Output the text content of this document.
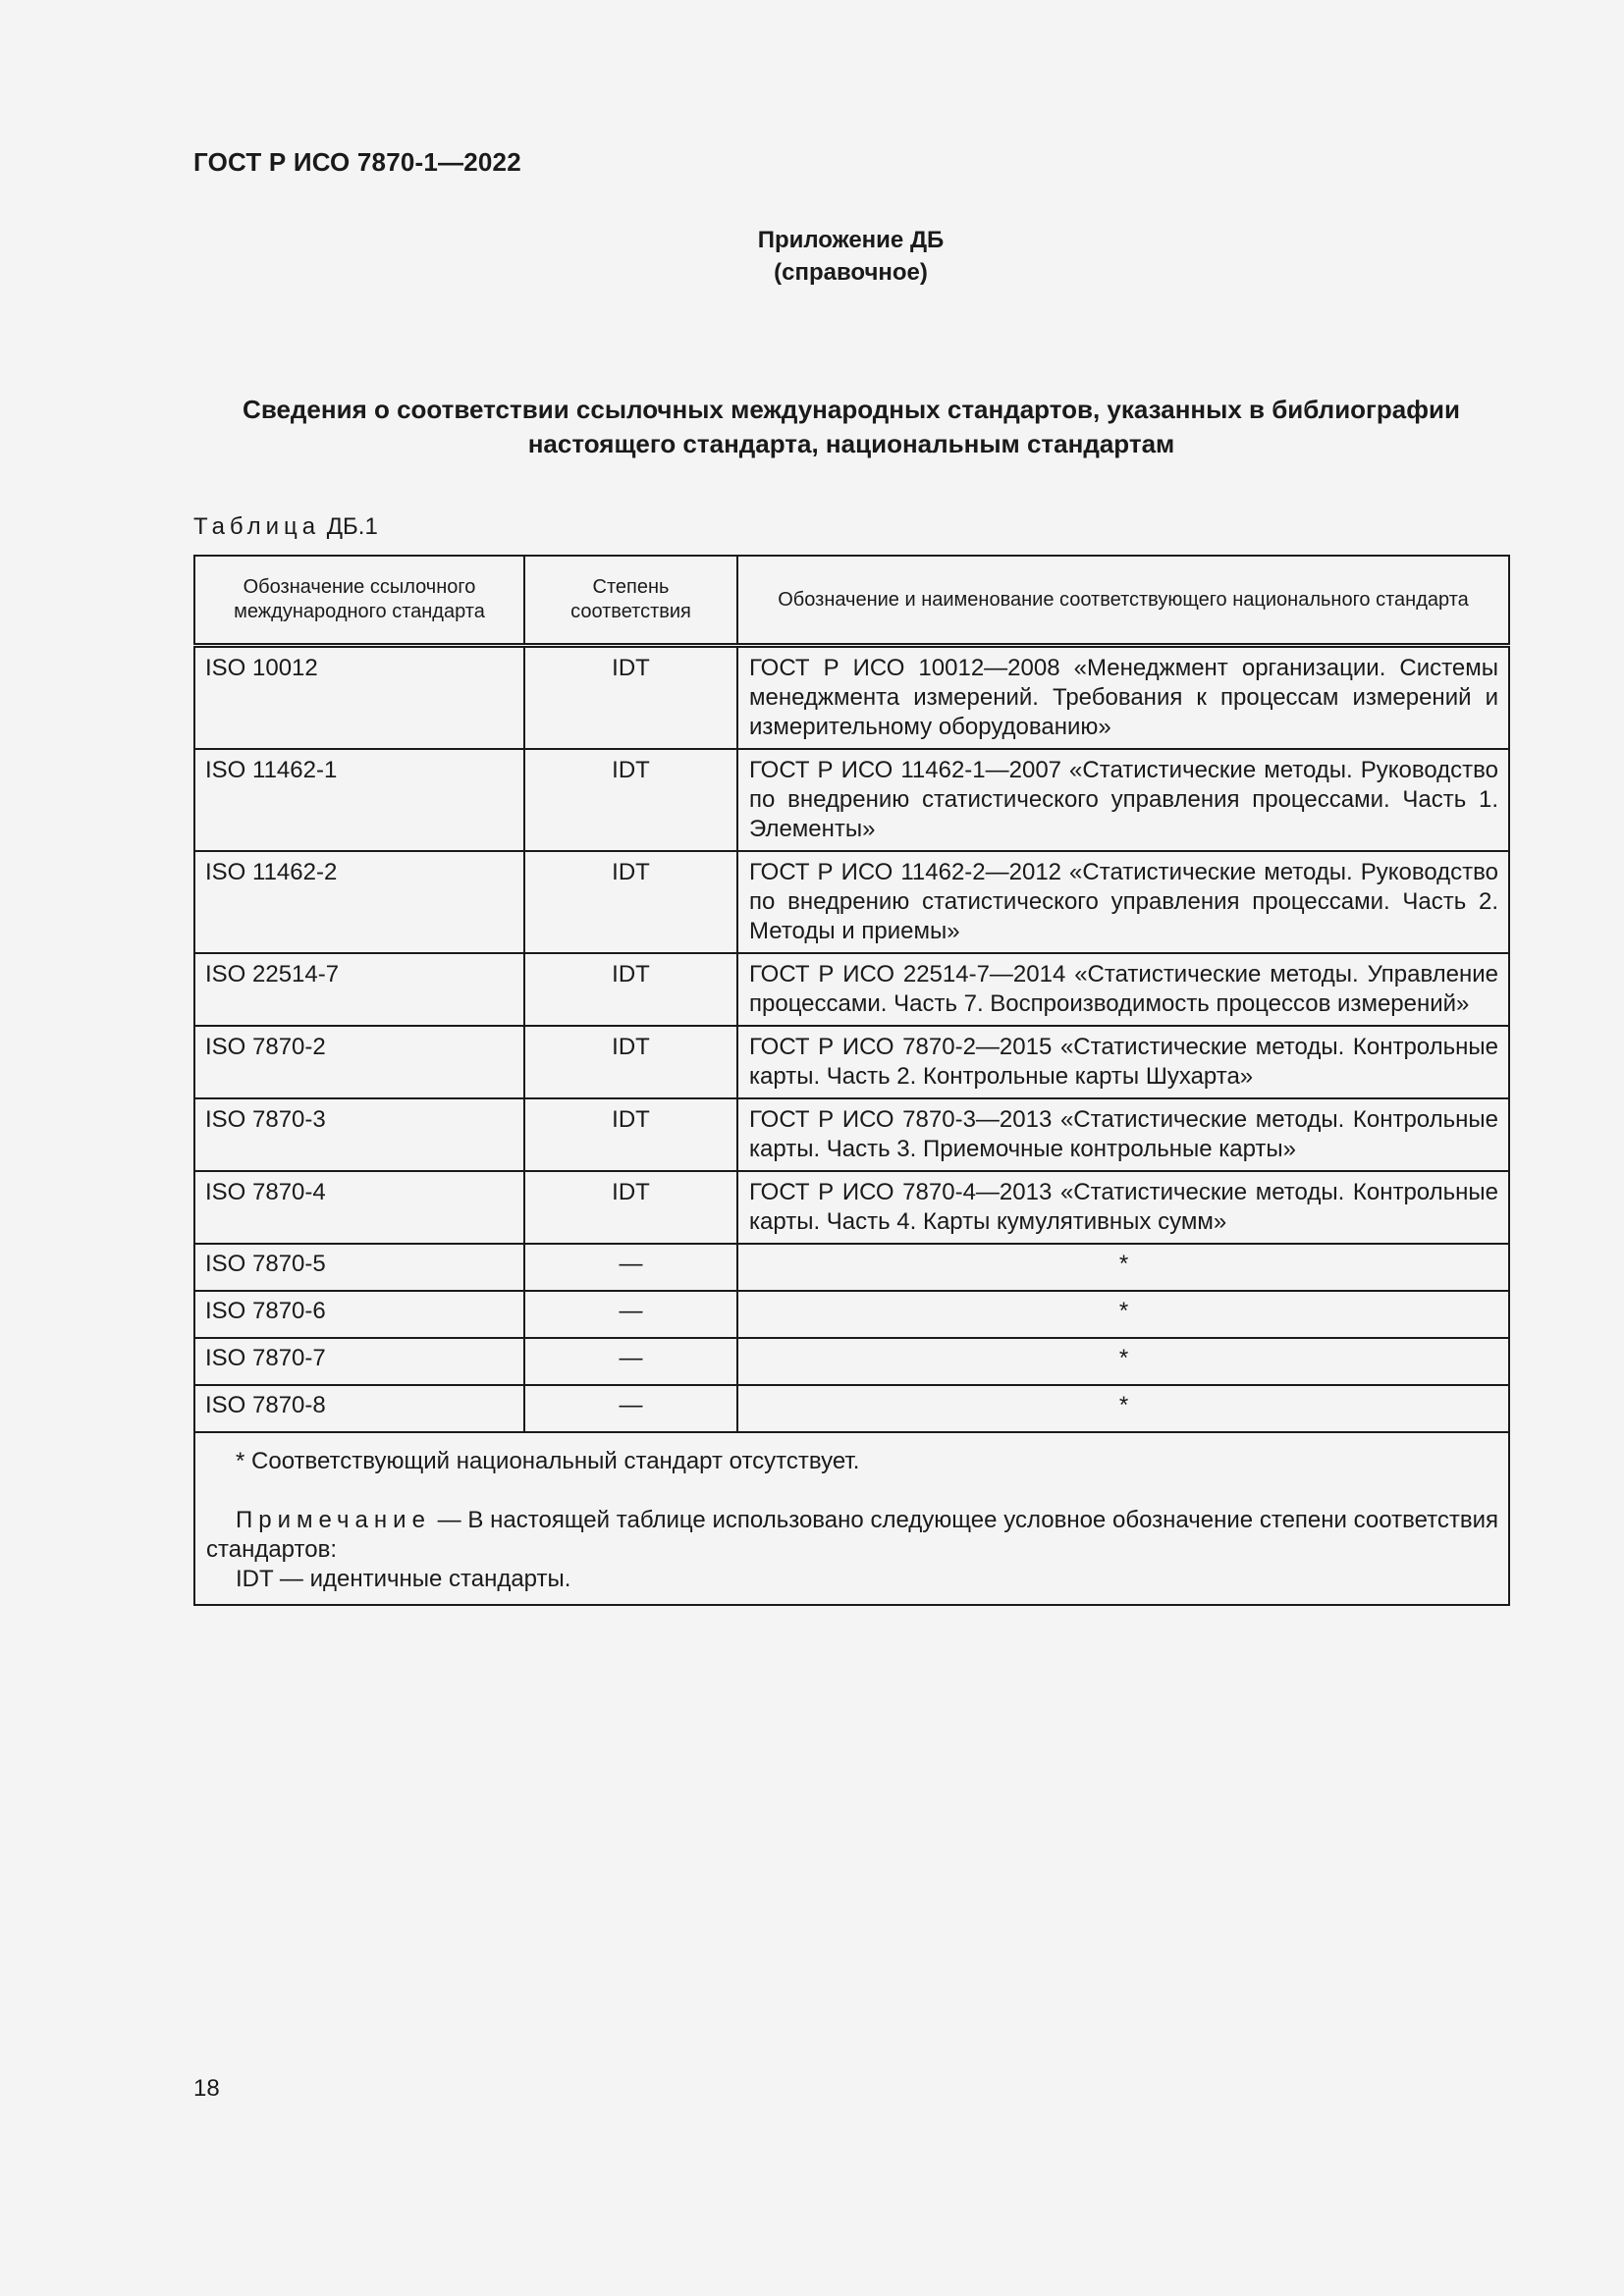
ГОСТ Р ИСО 7870-1—2022
Приложение ДБ
(справочное)
Сведения о соответствии ссылочных международных стандартов, указанных в библиографии
настоящего стандарта, национальным стандартам
Таблица ДБ.1
Обозначение ссылочного международного стандарта	Степень соответствия	Обозначение и наименование соответствующего национального стандарта
ISO 10012	IDT	ГОСТ Р ИСО 10012—2008 «Менеджмент организации. Системы менеджмента измерений. Требования к процессам измерений и измерительному оборудованию»
ISO 11462-1	IDT	ГОСТ Р ИСО 11462-1—2007 «Статистические методы. Руководство по внедрению статистического управления процессами. Часть 1. Элементы»
ISO 11462-2	IDT	ГОСТ Р ИСО 11462-2—2012 «Статистические методы. Руководство по внедрению статистического управления процессами. Часть 2. Методы и приемы»
ISO 22514-7	IDT	ГОСТ Р ИСО 22514-7—2014 «Статистические методы. Управление процессами. Часть 7. Воспроизводимость процессов измерений»
ISO 7870-2	IDT	ГОСТ Р ИСО 7870-2—2015 «Статистические методы. Контрольные карты. Часть 2. Контрольные карты Шухарта»
ISO 7870-3	IDT	ГОСТ Р ИСО 7870-3—2013 «Статистические методы. Контрольные карты. Часть 3. Приемочные контрольные карты»
ISO 7870-4	IDT	ГОСТ Р ИСО 7870-4—2013 «Статистические методы. Контрольные карты. Часть 4. Карты кумулятивных сумм»
ISO 7870-5	—	*
ISO 7870-6	—	*
ISO 7870-7	—	*
ISO 7870-8	—	*

* Соответствующий национальный стандарт отсутствует.
Примечание — В настоящей таблице использовано следующее условное обозначение степени соответствия стандартов:
IDT — идентичные стандарты.		
18
